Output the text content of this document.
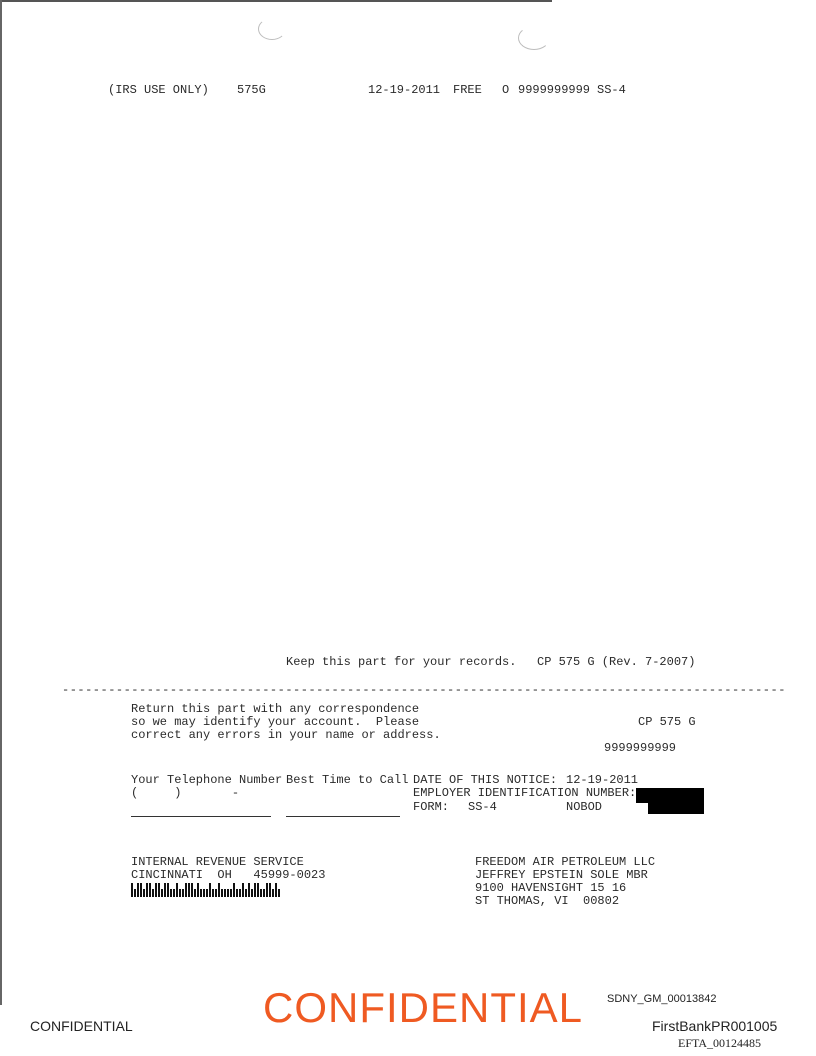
(IRS USE ONLY) 575G	12-19-2011 FREE O 9999999999 SS-4
Keep this part for your records. CP 575 G (Rev. 7-2007)
----------------------------------------------------------------------------------------------
Return this part with any correspondence
so we may identify your account.  Please
correct any errors in your name or address.
CP 575 G
9999999999
Your Telephone Number Best Time to Call
(     )       -
DATE OF THIS NOTICE: 12-19-2011
EMPLOYER IDENTIFICATION NUMBER:
FORM: SS-4	NOBOD
INTERNAL REVENUE SERVICE
CINCINNATI  OH   45999-0023
FREEDOM AIR PETROLEUM LLC
JEFFREY EPSTEIN SOLE MBR
9100 HAVENSIGHT 15 16
ST THOMAS, VI  00802
CONFIDENTIAL	CONFIDENTIAL SDNY_GM_00013842
FirstBankPR001005
EFTA_00124485
